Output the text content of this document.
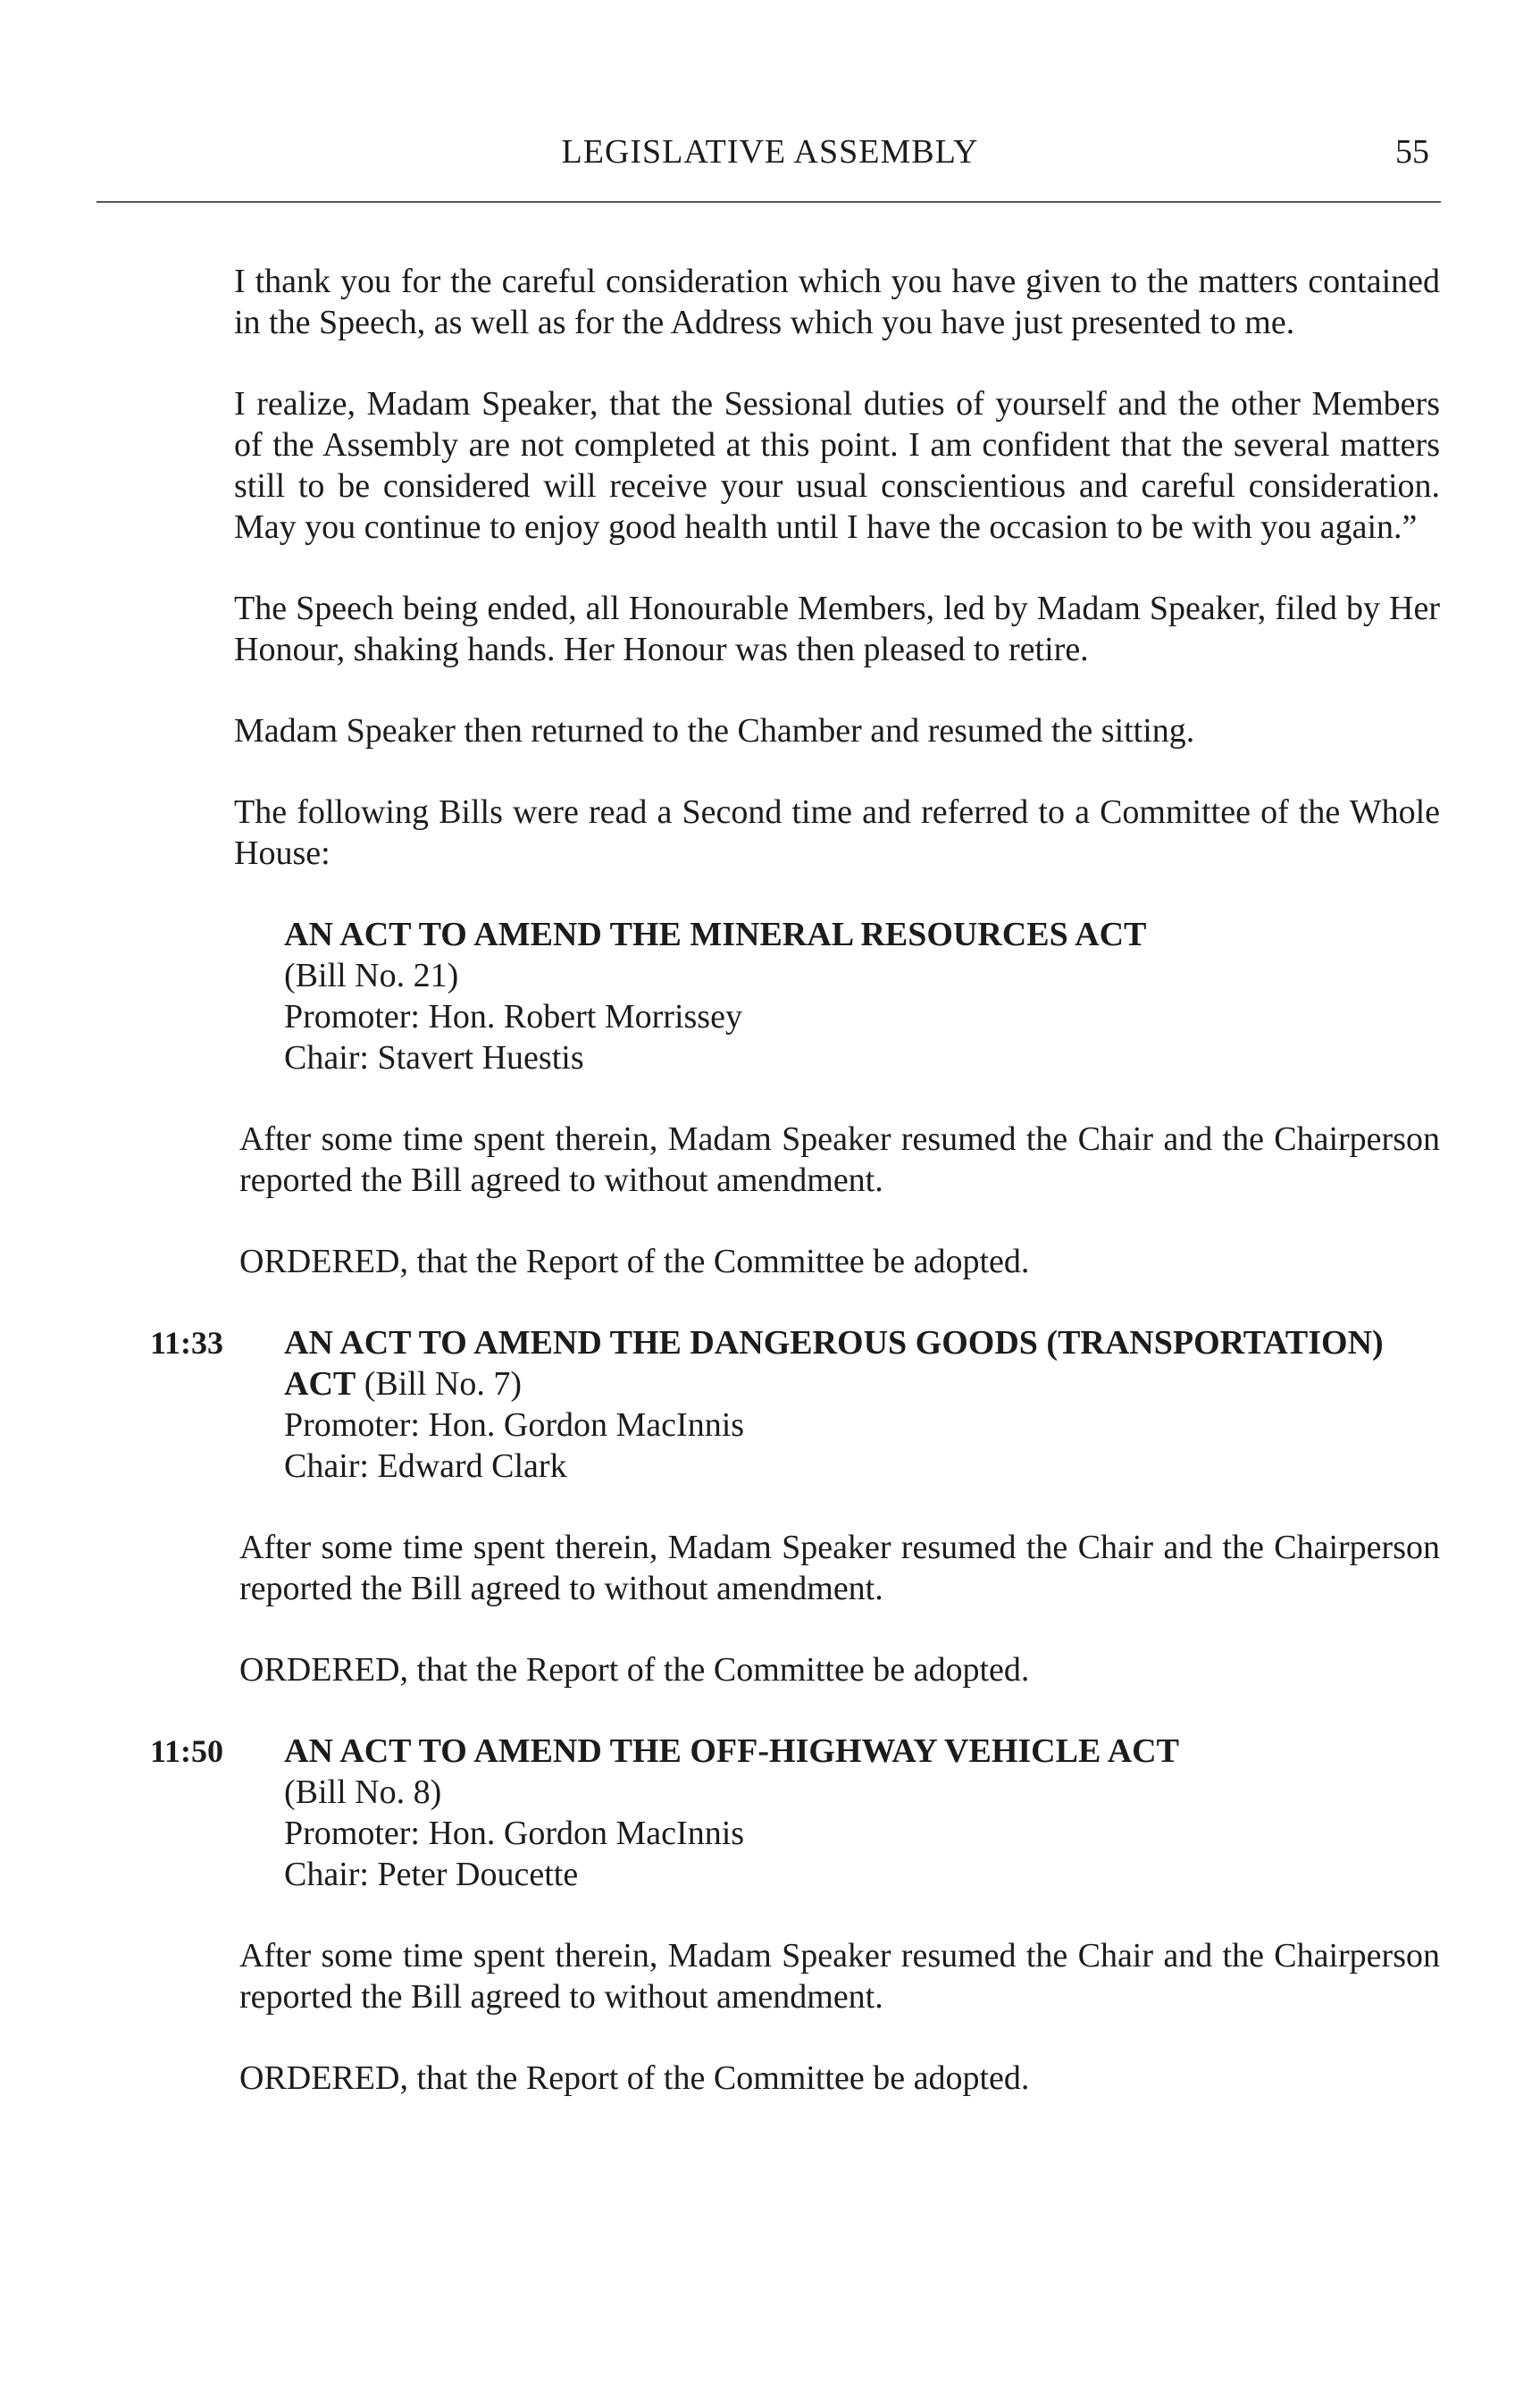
LEGISLATIVE ASSEMBLY	55

I thank you for the careful consideration which you have given to the matters contained in the Speech, as well as for the Address which you have just presented to me.

I realize, Madam Speaker, that the Sessional duties of yourself and the other Members of the Assembly are not completed at this point. I am confident that the several matters still to be considered will receive your usual conscientious and careful consideration. May you continue to enjoy good health until I have the occasion to be with you again.”

The Speech being ended, all Honourable Members, led by Madam Speaker, filed by Her Honour, shaking hands. Her Honour was then pleased to retire.

Madam Speaker then returned to the Chamber and resumed the sitting.

The following Bills were read a Second time and referred to a Committee of the Whole House:

AN ACT TO AMEND THE MINERAL RESOURCES ACT
(Bill No. 21)
Promoter: Hon. Robert Morrissey
Chair: Stavert Huestis

After some time spent therein, Madam Speaker resumed the Chair and the Chairperson reported the Bill agreed to without amendment.

ORDERED, that the Report of the Committee be adopted.

11:33	AN ACT TO AMEND THE DANGEROUS GOODS (TRANSPORTATION) ACT (Bill No. 7)
Promoter: Hon. Gordon MacInnis
Chair: Edward Clark

After some time spent therein, Madam Speaker resumed the Chair and the Chairperson reported the Bill agreed to without amendment.

ORDERED, that the Report of the Committee be adopted.

11:50	AN ACT TO AMEND THE OFF-HIGHWAY VEHICLE ACT
(Bill No. 8)
Promoter: Hon. Gordon MacInnis
Chair: Peter Doucette

After some time spent therein, Madam Speaker resumed the Chair and the Chairperson reported the Bill agreed to without amendment.

ORDERED, that the Report of the Committee be adopted.
